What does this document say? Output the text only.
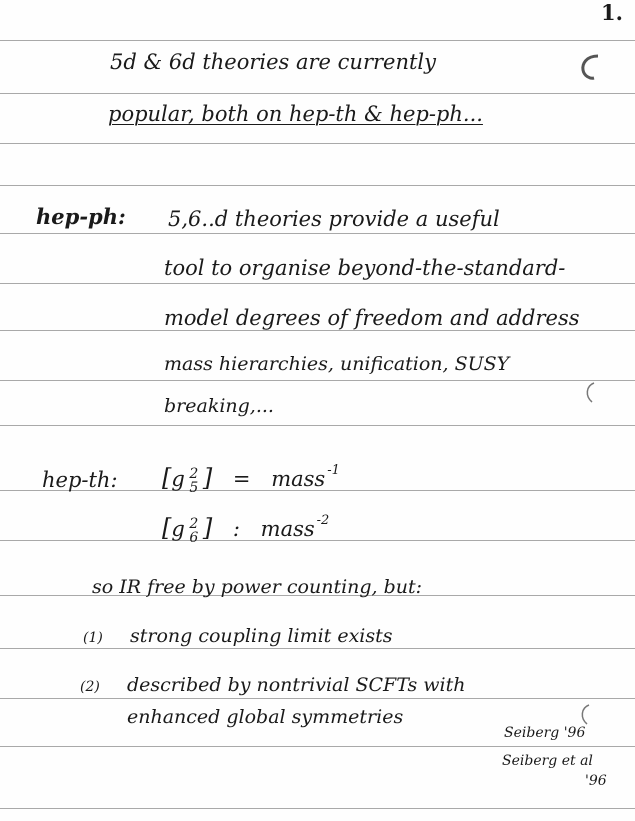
1.
5d & 6d theories are currently
popular, both on hep-th & hep-ph...
hep-ph: 5,6..d theories provide a useful
tool to organise beyond-the-standard-
model degrees of freedom and address
mass hierarchies, unification, SUSY
breaking,...
hep-th: [g 2
5 ] = mass $^{-1}$
[g 2
6 ] : mass $^{-2}$
so IR free by power counting, but:
(1) strong coupling limit exists
(2) described by nontrivial SCFTs with
enhanced global symmetries
Seiberg '96
Seiberg et al
'96
